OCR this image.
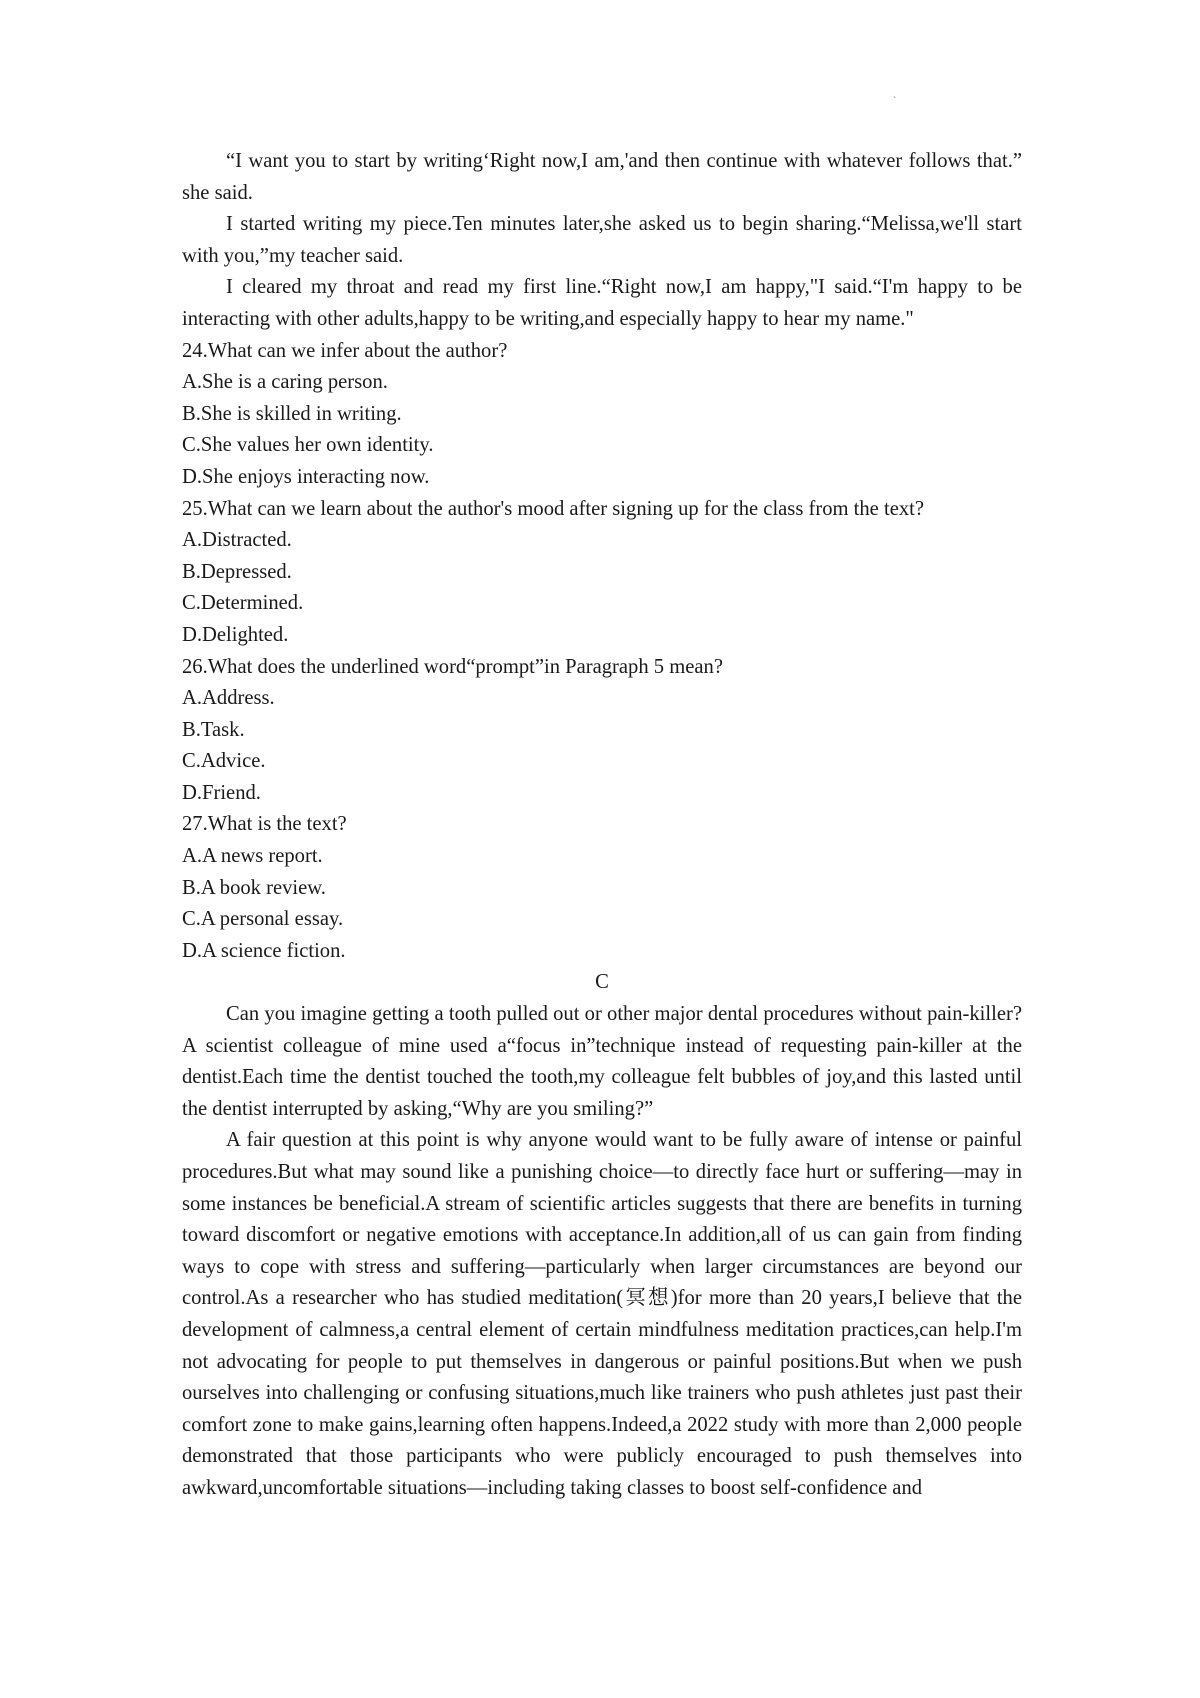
`

“I want you to start by writing‘Right now,I am,'and then continue with whatever follows that.” she said.

I started writing my piece.Ten minutes later,she asked us to begin sharing.“Melissa,we'll start with you,”my teacher said.

I cleared my throat and read my first line.“Right now,I am happy,"I said.“I'm happy to be interacting with other adults,happy to be writing,and especially happy to hear my name."

24.What can we infer about the author?

A.She is a caring person.

B.She is skilled in writing.

C.She values her own identity.

D.She enjoys interacting now.

25.What can we learn about the author's mood after signing up for the class from the text?

A.Distracted.

B.Depressed.

C.Determined.

D.Delighted.

26.What does the underlined word“prompt”in Paragraph 5 mean?

A.Address.

B.Task.

C.Advice.

D.Friend.

27.What is the text?

A.A news report.

B.A book review.

C.A personal essay.

D.A science fiction.

C

Can you imagine getting a tooth pulled out or other major dental procedures without pain-killer?A scientist colleague of mine used a“focus in”technique instead of requesting pain-killer at the dentist.Each time the dentist touched the tooth,my colleague felt bubbles of joy,and this lasted until the dentist interrupted by asking,“Why are you smiling?”

A fair question at this point is why anyone would want to be fully aware of intense or painful procedures.But what may sound like a punishing choice—to directly face hurt or suffering—may in some instances be beneficial.A stream of scientific articles suggests that there are benefits in turning toward discomfort or negative emotions with acceptance.In addition,all of us can gain from finding ways to cope with stress and suffering—particularly when larger circumstances are beyond our control.As a researcher who has studied meditation(冥想)for more than 20 years,I believe that the development of calmness,a central element of certain mindfulness meditation practices,can help.I'm not advocating for people to put themselves in dangerous or painful positions.But when we push ourselves into challenging or confusing situations,much like trainers who push athletes just past their comfort zone to make gains,learning often happens.Indeed,a 2022 study with more than 2,000 people demonstrated that those participants who were publicly encouraged to push themselves into awkward,uncomfortable situations—including taking classes to boost self-confidence and
